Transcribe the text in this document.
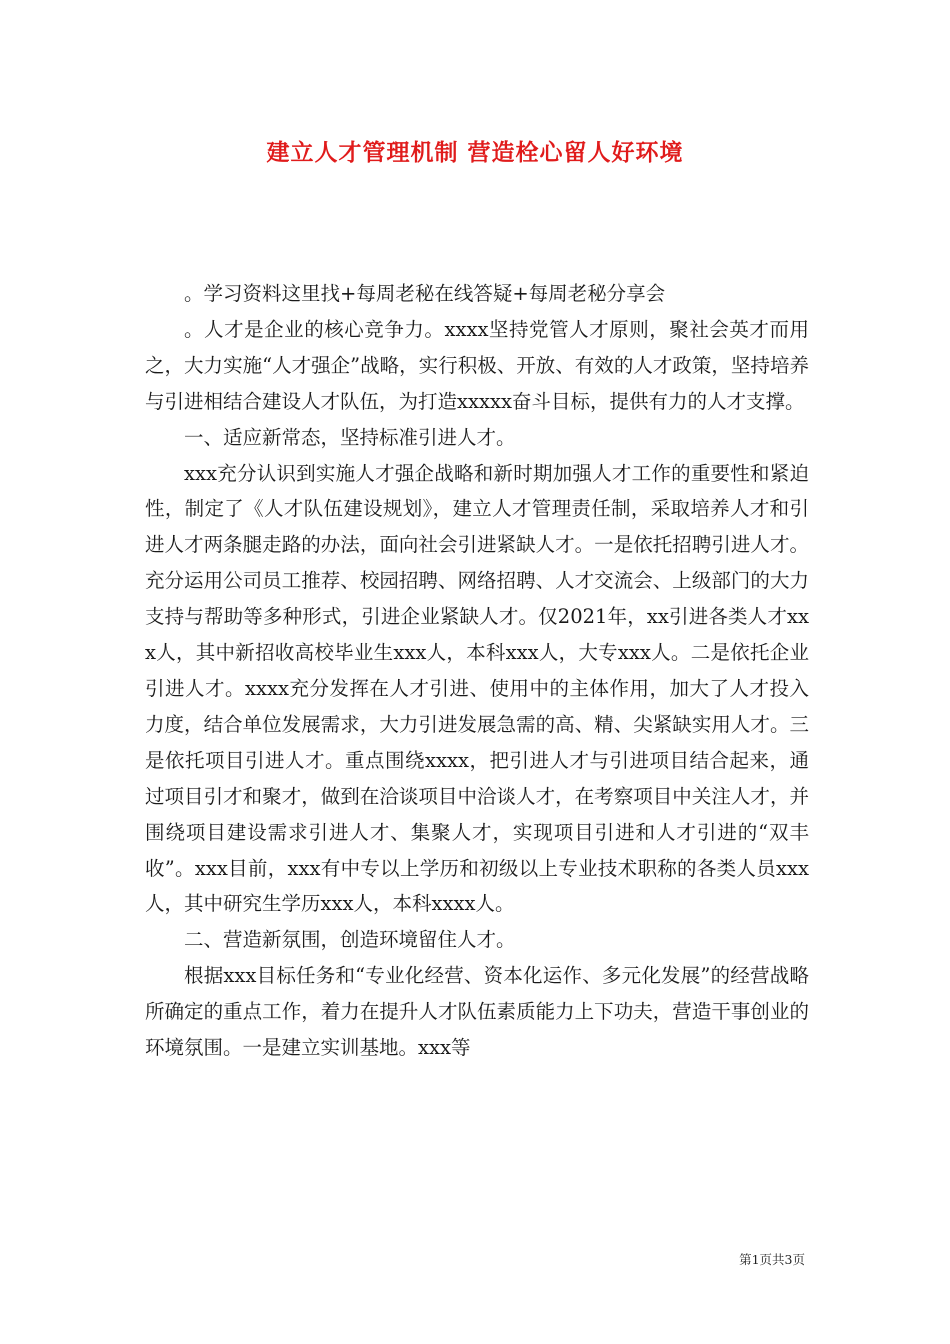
建立人才管理机制 营造栓心留人好环境

。学习资料这里找+每周老秘在线答疑+每周老秘分享会

。人才是企业的核心竞争力。xxxx坚持党管人才原则，聚社会英才而用之，大力实施“人才强企”战略，实行积极、开放、有效的人才政策，坚持培养与引进相结合建设人才队伍，为打造xxxxx奋斗目标，提供有力的人才支撑。

一、适应新常态，坚持标准引进人才。

xxx充分认识到实施人才强企战略和新时期加强人才工作的重要性和紧迫性，制定了《人才队伍建设规划》，建立人才管理责任制，采取培养人才和引进人才两条腿走路的办法，面向社会引进紧缺人才。一是依托招聘引进人才。充分运用公司员工推荐、校园招聘、网络招聘、人才交流会、上级部门的大力支持与帮助等多种形式，引进企业紧缺人才。仅2021年，xx引进各类人才xxx人，其中新招收高校毕业生xxx人，本科xxx人，大专xxx人。二是依托企业引进人才。xxxx充分发挥在人才引进、使用中的主体作用，加大了人才投入力度，结合单位发展需求，大力引进发展急需的高、精、尖紧缺实用人才。三是依托项目引进人才。重点围绕xxxx，把引进人才与引进项目结合起来，通过项目引才和聚才，做到在洽谈项目中洽谈人才，在考察项目中关注人才，并围绕项目建设需求引进人才、集聚人才，实现项目引进和人才引进的“双丰收”。xxx目前，xxx有中专以上学历和初级以上专业技术职称的各类人员xxx人，其中研究生学历xxx人，本科xxxx人。

二、营造新氛围，创造环境留住人才。

根据xxx目标任务和“专业化经营、资本化运作、多元化发展”的经营战略所确定的重点工作，着力在提升人才队伍素质能力上下功夫，营造干事创业的环境氛围。一是建立实训基地。xxx等

第1页共3页
